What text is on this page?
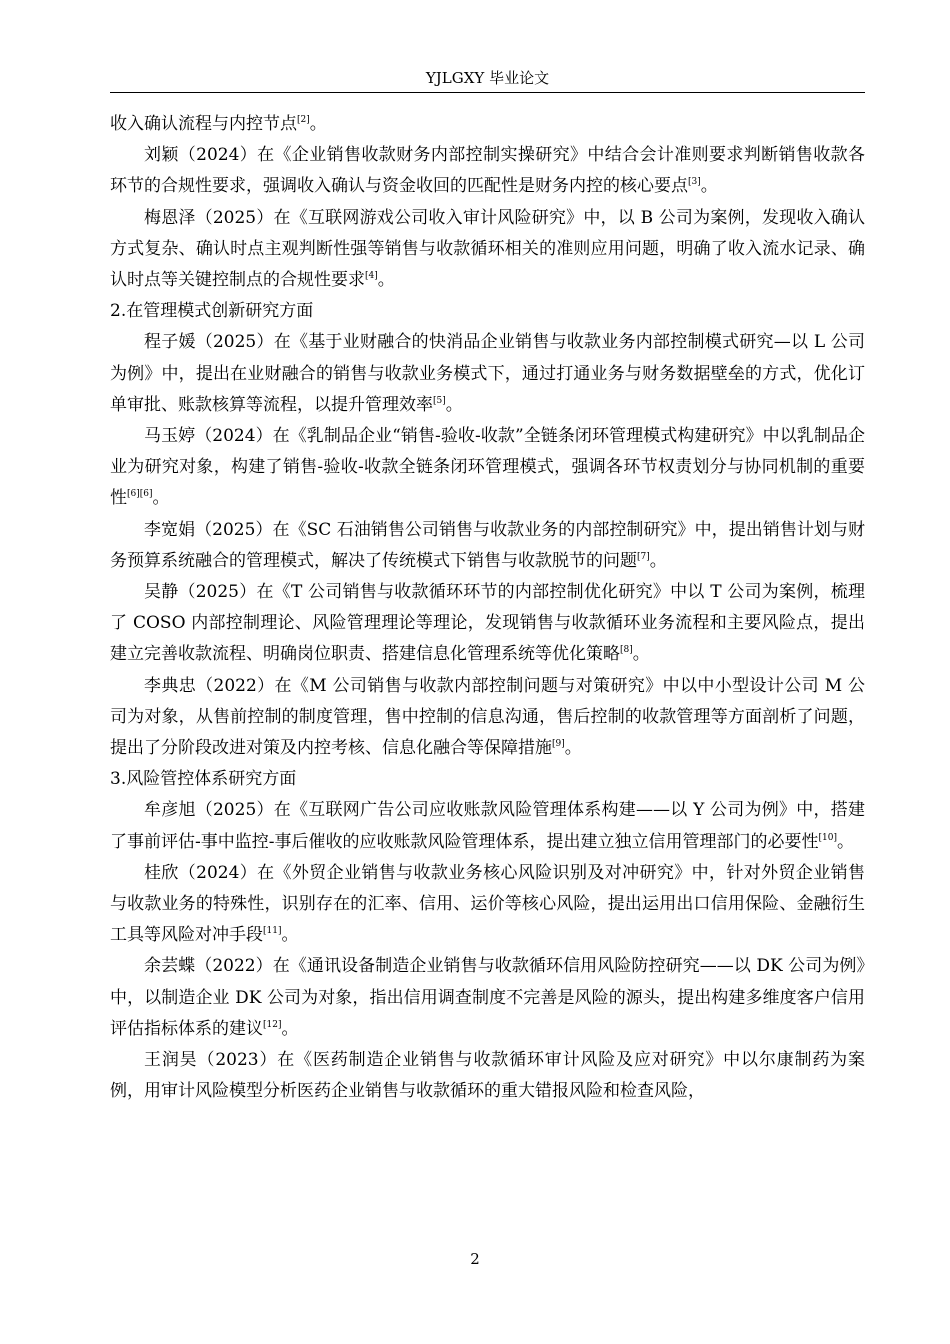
YJLGXY 毕业论文

收入确认流程与内控节点[2]。

刘颖（2024）在《企业销售收款财务内部控制实操研究》中结合会计准则要求判断销售收款各环节的合规性要求，强调收入确认与资金收回的匹配性是财务内控的核心要点[3]。

梅恩泽（2025）在《互联网游戏公司收入审计风险研究》中，以 B 公司为案例，发现收入确认方式复杂、确认时点主观判断性强等销售与收款循环相关的准则应用问题，明确了收入流水记录、确认时点等关键控制点的合规性要求[4]。

2.在管理模式创新研究方面

程子媛（2025）在《基于业财融合的快消品企业销售与收款业务内部控制模式研究—以 L 公司为例》中，提出在业财融合的销售与收款业务模式下，通过打通业务与财务数据壁垒的方式，优化订单审批、账款核算等流程，以提升管理效率[5]。

马玉婷（2024）在《乳制品企业“销售-验收-收款”全链条闭环管理模式构建研究》中以乳制品企业为研究对象，构建了销售-验收-收款全链条闭环管理模式，强调各环节权责划分与协同机制的重要性[6][6]。

李宽娟（2025）在《SC 石油销售公司销售与收款业务的内部控制研究》中，提出销售计划与财务预算系统融合的管理模式，解决了传统模式下销售与收款脱节的问题[7]。

吴静（2025）在《T 公司销售与收款循环环节的内部控制优化研究》中以 T 公司为案例，梳理了 COSO 内部控制理论、风险管理理论等理论，发现销售与收款循环业务流程和主要风险点，提出建立完善收款流程、明确岗位职责、搭建信息化管理系统等优化策略[8]。

李典忠（2022）在《M 公司销售与收款内部控制问题与对策研究》中以中小型设计公司 M 公司为对象，从售前控制的制度管理，售中控制的信息沟通，售后控制的收款管理等方面剖析了问题，提出了分阶段改进对策及内控考核、信息化融合等保障措施[9]。

3.风险管控体系研究方面

牟彦旭（2025）在《互联网广告公司应收账款风险管理体系构建——以 Y 公司为例》中，搭建了事前评估-事中监控-事后催收的应收账款风险管理体系，提出建立独立信用管理部门的必要性[10]。

桂欣（2024）在《外贸企业销售与收款业务核心风险识别及对冲研究》中，针对外贸企业销售与收款业务的特殊性，识别存在的汇率、信用、运价等核心风险，提出运用出口信用保险、金融衍生工具等风险对冲手段[11]。

余芸蝶（2022）在《通讯设备制造企业销售与收款循环信用风险防控研究——以 DK 公司为例》中，以制造企业 DK 公司为对象，指出信用调查制度不完善是风险的源头，提出构建多维度客户信用评估指标体系的建议[12]。

王润昊（2023）在《医药制造企业销售与收款循环审计风险及应对研究》中以尔康制药为案例，用审计风险模型分析医药企业销售与收款循环的重大错报风险和检查风险，

2
